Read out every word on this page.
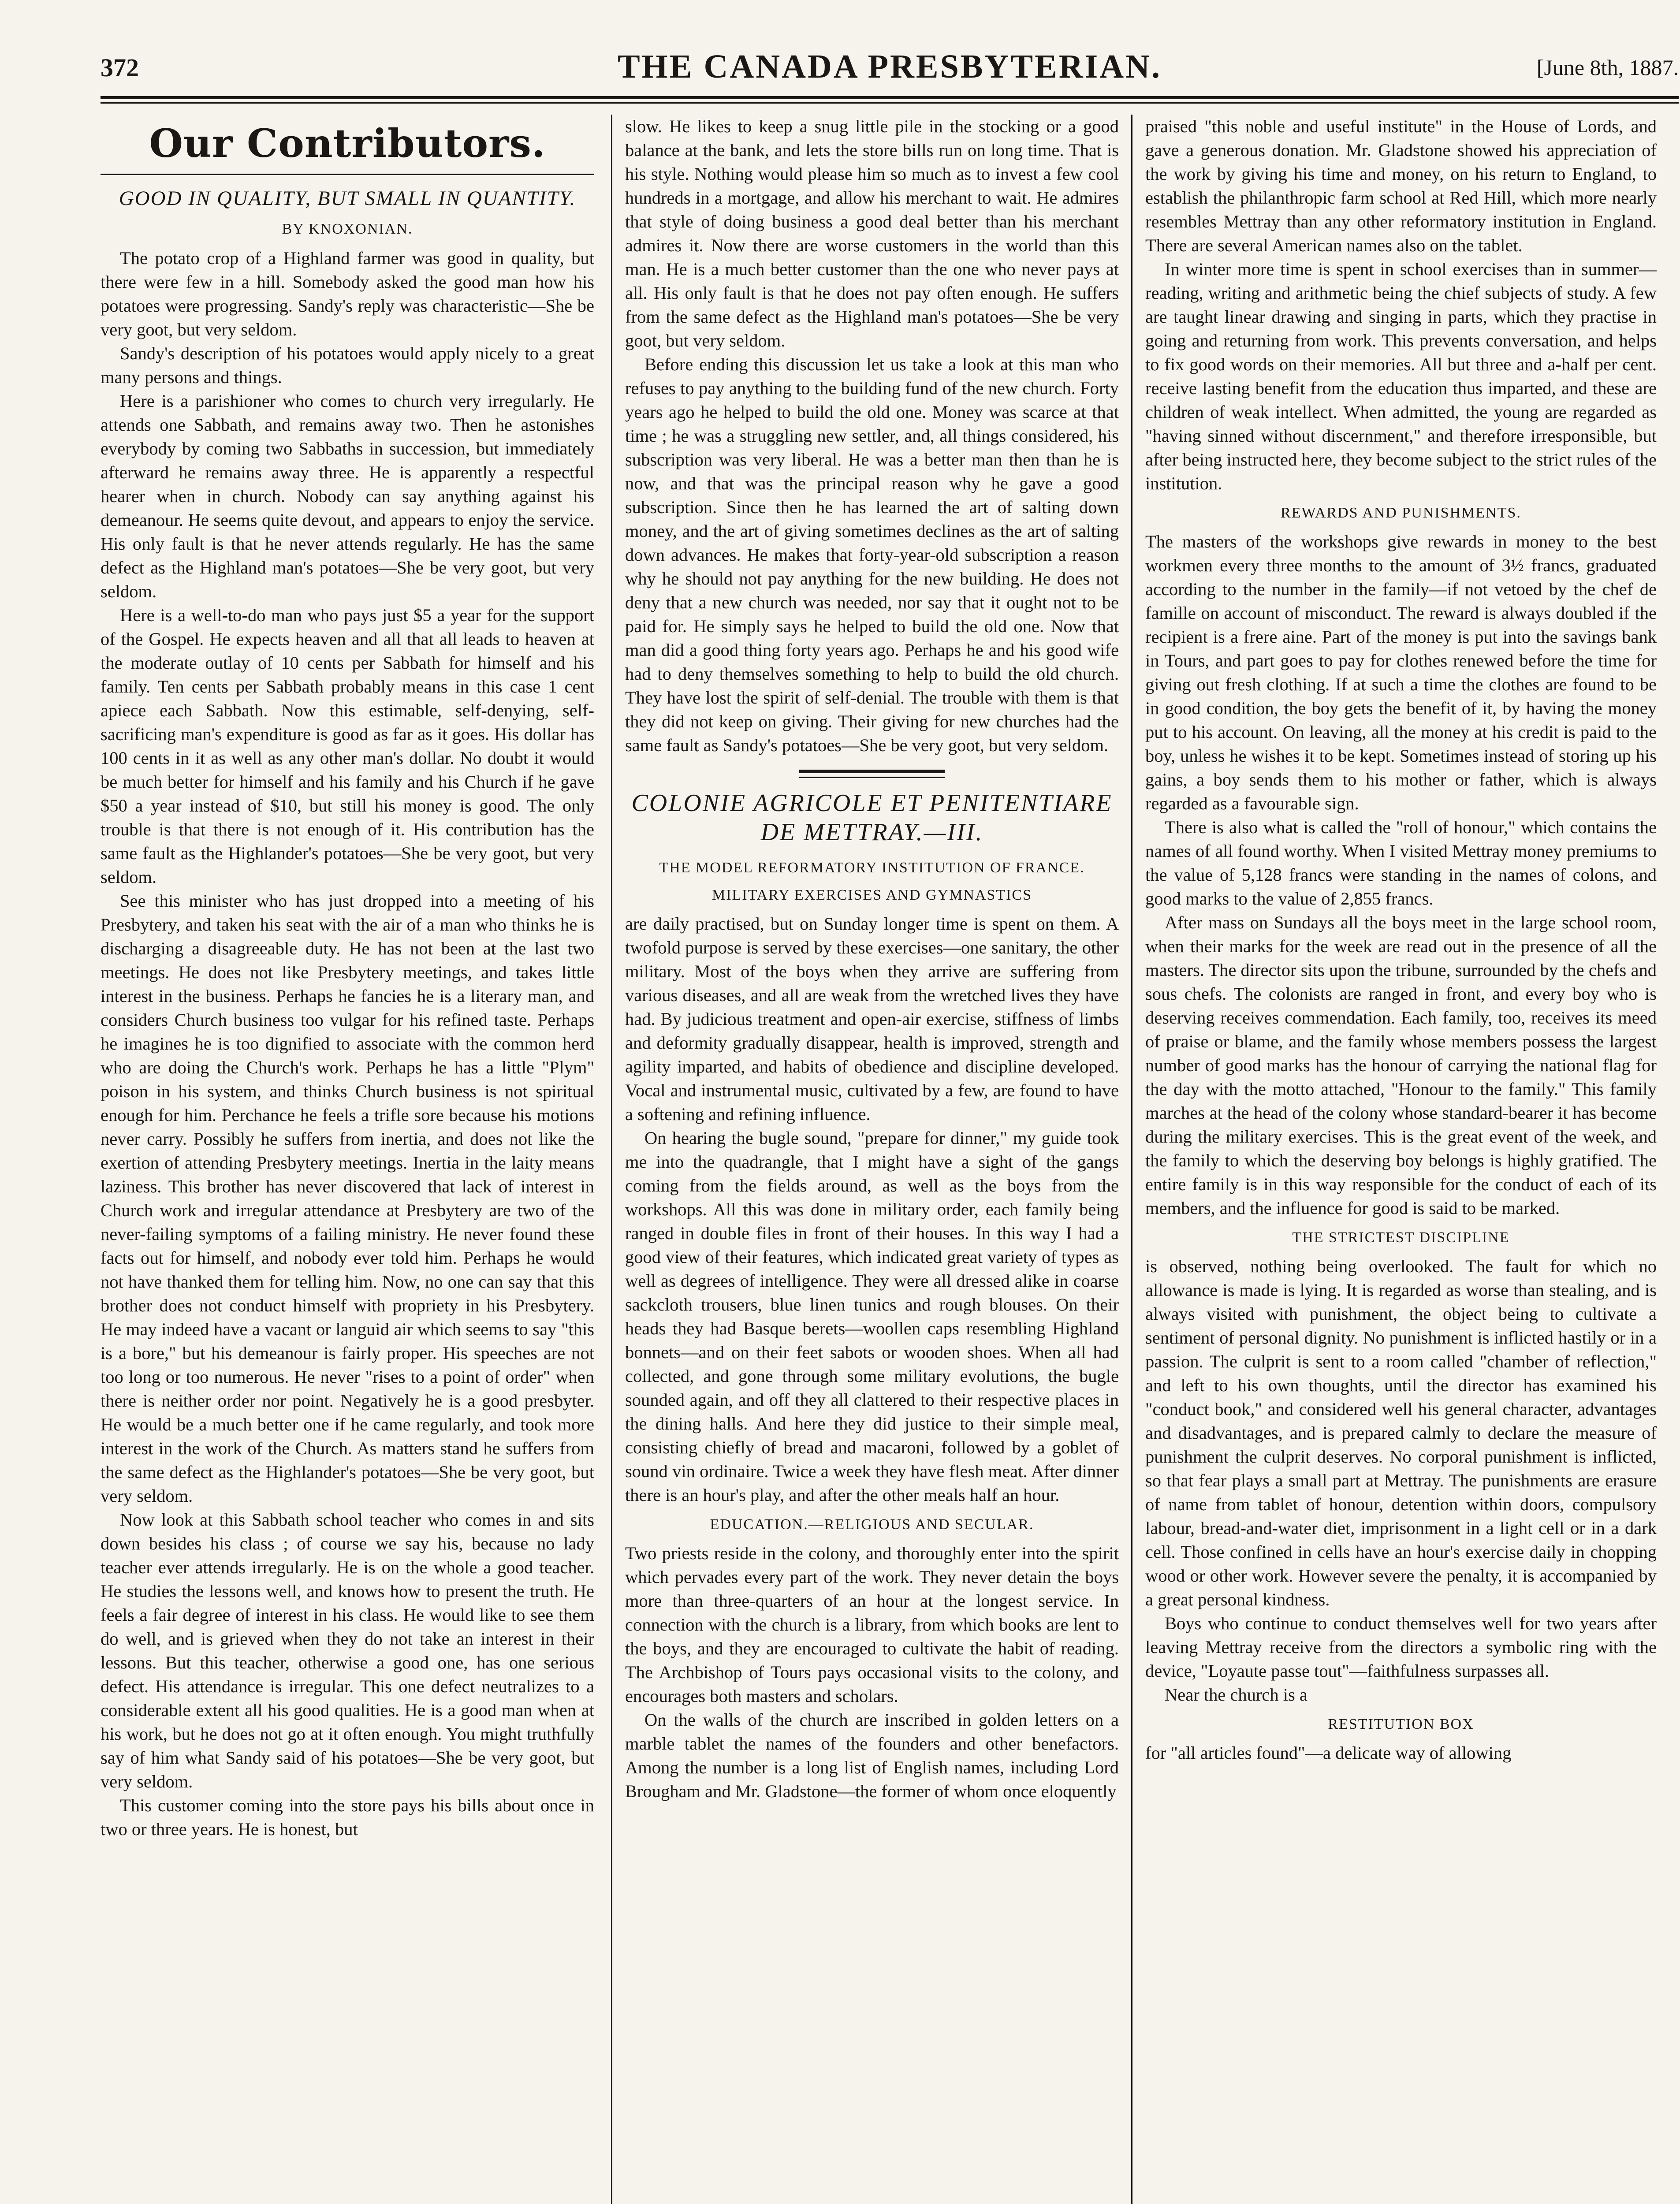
372	THE CANADA PRESBYTERIAN.	[June 8th, 1887.
Our Contributors.
GOOD IN QUALITY, BUT SMALL IN QUANTITY.
BY KNOXONIAN.

The potato crop of a Highland farmer was good in quality, but there were few in a hill. Somebody asked the good man how his potatoes were progressing. Sandy's reply was characteristic—She be very goot, but very seldom.

Sandy's description of his potatoes would apply nicely to a great many persons and things.

Here is a parishioner who comes to church very irregularly. He attends one Sabbath, and remains away two. Then he astonishes everybody by coming two Sabbaths in succession, but immediately afterward he remains away three. He is apparently a respectful hearer when in church. Nobody can say anything against his demeanour. He seems quite devout, and appears to enjoy the service. His only fault is that he never attends regularly. He has the same defect as the Highland man's potatoes—She be very goot, but very seldom.

Here is a well-to-do man who pays just $5 a year for the support of the Gospel. He expects heaven and all that all leads to heaven at the moderate outlay of 10 cents per Sabbath for himself and his family. Ten cents per Sabbath probably means in this case 1 cent apiece each Sabbath. Now this estimable, self-denying, self-sacrificing man's expenditure is good as far as it goes. His dollar has 100 cents in it as well as any other man's dollar. No doubt it would be much better for himself and his family and his Church if he gave $50 a year instead of $10, but still his money is good. The only trouble is that there is not enough of it. His contribution has the same fault as the Highlander's potatoes—She be very goot, but very seldom.

See this minister who has just dropped into a meeting of his Presbytery, and taken his seat with the air of a man who thinks he is discharging a disagreeable duty. He has not been at the last two meetings. He does not like Presbytery meetings, and takes little interest in the business. Perhaps he fancies he is a literary man, and considers Church business too vulgar for his refined taste. Perhaps he imagines he is too dignified to associate with the common herd who are doing the Church's work. Perhaps he has a little "Plym" poison in his system, and thinks Church business is not spiritual enough for him. Perchance he feels a trifle sore because his motions never carry. Possibly he suffers from inertia, and does not like the exertion of attending Presbytery meetings. Inertia in the laity means laziness. This brother has never discovered that lack of interest in Church work and irregular attendance at Presbytery are two of the never-failing symptoms of a failing ministry. He never found these facts out for himself, and nobody ever told him. Perhaps he would not have thanked them for telling him. Now, no one can say that this brother does not conduct himself with propriety in his Presbytery. He may indeed have a vacant or languid air which seems to say "this is a bore," but his demeanour is fairly proper. His speeches are not too long or too numerous. He never "rises to a point of order" when there is neither order nor point. Negatively he is a good presbyter. He would be a much better one if he came regularly, and took more interest in the work of the Church. As matters stand he suffers from the same defect as the Highlander's potatoes—She be very goot, but very seldom.

Now look at this Sabbath school teacher who comes in and sits down besides his class ; of course we say his, because no lady teacher ever attends irregularly. He is on the whole a good teacher. He studies the lessons well, and knows how to present the truth. He feels a fair degree of interest in his class. He would like to see them do well, and is grieved when they do not take an interest in their lessons. But this teacher, otherwise a good one, has one serious defect. His attendance is irregular. This one defect neutralizes to a considerable extent all his good qualities. He is a good man when at his work, but he does not go at it often enough. You might truthfully say of him what Sandy said of his potatoes—She be very goot, but very seldom.

This customer coming into the store pays his bills about once in two or three years. He is honest, but

slow. He likes to keep a snug little pile in the stocking or a good balance at the bank, and lets the store bills run on long time. That is his style. Nothing would please him so much as to invest a few cool hundreds in a mortgage, and allow his merchant to wait. He admires that style of doing business a good deal better than his merchant admires it. Now there are worse customers in the world than this man. He is a much better customer than the one who never pays at all. His only fault is that he does not pay often enough. He suffers from the same defect as the Highland man's potatoes—She be very goot, but very seldom.

Before ending this discussion let us take a look at this man who refuses to pay anything to the building fund of the new church. Forty years ago he helped to build the old one. Money was scarce at that time ; he was a struggling new settler, and, all things considered, his subscription was very liberal. He was a better man then than he is now, and that was the principal reason why he gave a good subscription. Since then he has learned the art of salting down money, and the art of giving sometimes declines as the art of salting down advances. He makes that forty-year-old subscription a reason why he should not pay anything for the new building. He does not deny that a new church was needed, nor say that it ought not to be paid for. He simply says he helped to build the old one. Now that man did a good thing forty years ago. Perhaps he and his good wife had to deny themselves something to help to build the old church. They have lost the spirit of self-denial. The trouble with them is that they did not keep on giving. Their giving for new churches had the same fault as Sandy's potatoes—She be very goot, but very seldom.

COLONIE AGRICOLE ET PENITENTIARE DE METTRAY.—III.
THE MODEL REFORMATORY INSTITUTION OF FRANCE.
MILITARY EXERCISES AND GYMNASTICS

are daily practised, but on Sunday longer time is spent on them. A twofold purpose is served by these exercises—one sanitary, the other military. Most of the boys when they arrive are suffering from various diseases, and all are weak from the wretched lives they have had. By judicious treatment and open-air exercise, stiffness of limbs and deformity gradually disappear, health is improved, strength and agility imparted, and habits of obedience and discipline developed. Vocal and instrumental music, cultivated by a few, are found to have a softening and refining influence.

On hearing the bugle sound, "prepare for dinner," my guide took me into the quadrangle, that I might have a sight of the gangs coming from the fields around, as well as the boys from the workshops. All this was done in military order, each family being ranged in double files in front of their houses. In this way I had a good view of their features, which indicated great variety of types as well as degrees of intelligence. They were all dressed alike in coarse sackcloth trousers, blue linen tunics and rough blouses. On their heads they had Basque berets—woollen caps resembling Highland bonnets—and on their feet sabots or wooden shoes. When all had collected, and gone through some military evolutions, the bugle sounded again, and off they all clattered to their respective places in the dining halls. And here they did justice to their simple meal, consisting chiefly of bread and macaroni, followed by a goblet of sound vin ordinaire. Twice a week they have flesh meat. After dinner there is an hour's play, and after the other meals half an hour.

EDUCATION.—RELIGIOUS AND SECULAR.

Two priests reside in the colony, and thoroughly enter into the spirit which pervades every part of the work. They never detain the boys more than three-quarters of an hour at the longest service. In connection with the church is a library, from which books are lent to the boys, and they are encouraged to cultivate the habit of reading. The Archbishop of Tours pays occasional visits to the colony, and encourages both masters and scholars.

On the walls of the church are inscribed in golden letters on a marble tablet the names of the founders and other benefactors. Among the number is a long list of English names, including Lord Brougham and Mr. Gladstone—the former of whom once eloquently

praised "this noble and useful institute" in the House of Lords, and gave a generous donation. Mr. Gladstone showed his appreciation of the work by giving his time and money, on his return to England, to establish the philanthropic farm school at Red Hill, which more nearly resembles Mettray than any other reformatory institution in England. There are several American names also on the tablet.

In winter more time is spent in school exercises than in summer—reading, writing and arithmetic being the chief subjects of study. A few are taught linear drawing and singing in parts, which they practise in going and returning from work. This prevents conversation, and helps to fix good words on their memories. All but three and a-half per cent. receive lasting benefit from the education thus imparted, and these are children of weak intellect. When admitted, the young are regarded as "having sinned without discernment," and therefore irresponsible, but after being instructed here, they become subject to the strict rules of the institution.

REWARDS AND PUNISHMENTS.

The masters of the workshops give rewards in money to the best workmen every three months to the amount of 3½ francs, graduated according to the number in the family—if not vetoed by the chef de famille on account of misconduct. The reward is always doubled if the recipient is a frere aine. Part of the money is put into the savings bank in Tours, and part goes to pay for clothes renewed before the time for giving out fresh clothing. If at such a time the clothes are found to be in good condition, the boy gets the benefit of it, by having the money put to his account. On leaving, all the money at his credit is paid to the boy, unless he wishes it to be kept. Sometimes instead of storing up his gains, a boy sends them to his mother or father, which is always regarded as a favourable sign.

There is also what is called the "roll of honour," which contains the names of all found worthy. When I visited Mettray money premiums to the value of 5,128 francs were standing in the names of colons, and good marks to the value of 2,855 francs.

After mass on Sundays all the boys meet in the large school room, when their marks for the week are read out in the presence of all the masters. The director sits upon the tribune, surrounded by the chefs and sous chefs. The colonists are ranged in front, and every boy who is deserving receives commendation. Each family, too, receives its meed of praise or blame, and the family whose members possess the largest number of good marks has the honour of carrying the national flag for the day with the motto attached, "Honour to the family." This family marches at the head of the colony whose standard-bearer it has become during the military exercises. This is the great event of the week, and the family to which the deserving boy belongs is highly gratified. The entire family is in this way responsible for the conduct of each of its members, and the influence for good is said to be marked.

THE STRICTEST DISCIPLINE

is observed, nothing being overlooked. The fault for which no allowance is made is lying. It is regarded as worse than stealing, and is always visited with punishment, the object being to cultivate a sentiment of personal dignity. No punishment is inflicted hastily or in a passion. The culprit is sent to a room called "chamber of reflection," and left to his own thoughts, until the director has examined his "conduct book," and considered well his general character, advantages and disadvantages, and is prepared calmly to declare the measure of punishment the culprit deserves. No corporal punishment is inflicted, so that fear plays a small part at Mettray. The punishments are erasure of name from tablet of honour, detention within doors, compulsory labour, bread-and-water diet, imprisonment in a light cell or in a dark cell. Those confined in cells have an hour's exercise daily in chopping wood or other work. However severe the penalty, it is accompanied by a great personal kindness.

Boys who continue to conduct themselves well for two years after leaving Mettray receive from the directors a symbolic ring with the device, "Loyaute passe tout"—faithfulness surpasses all.

Near the church is a

RESTITUTION BOX

for "all articles found"—a delicate way of allowing
